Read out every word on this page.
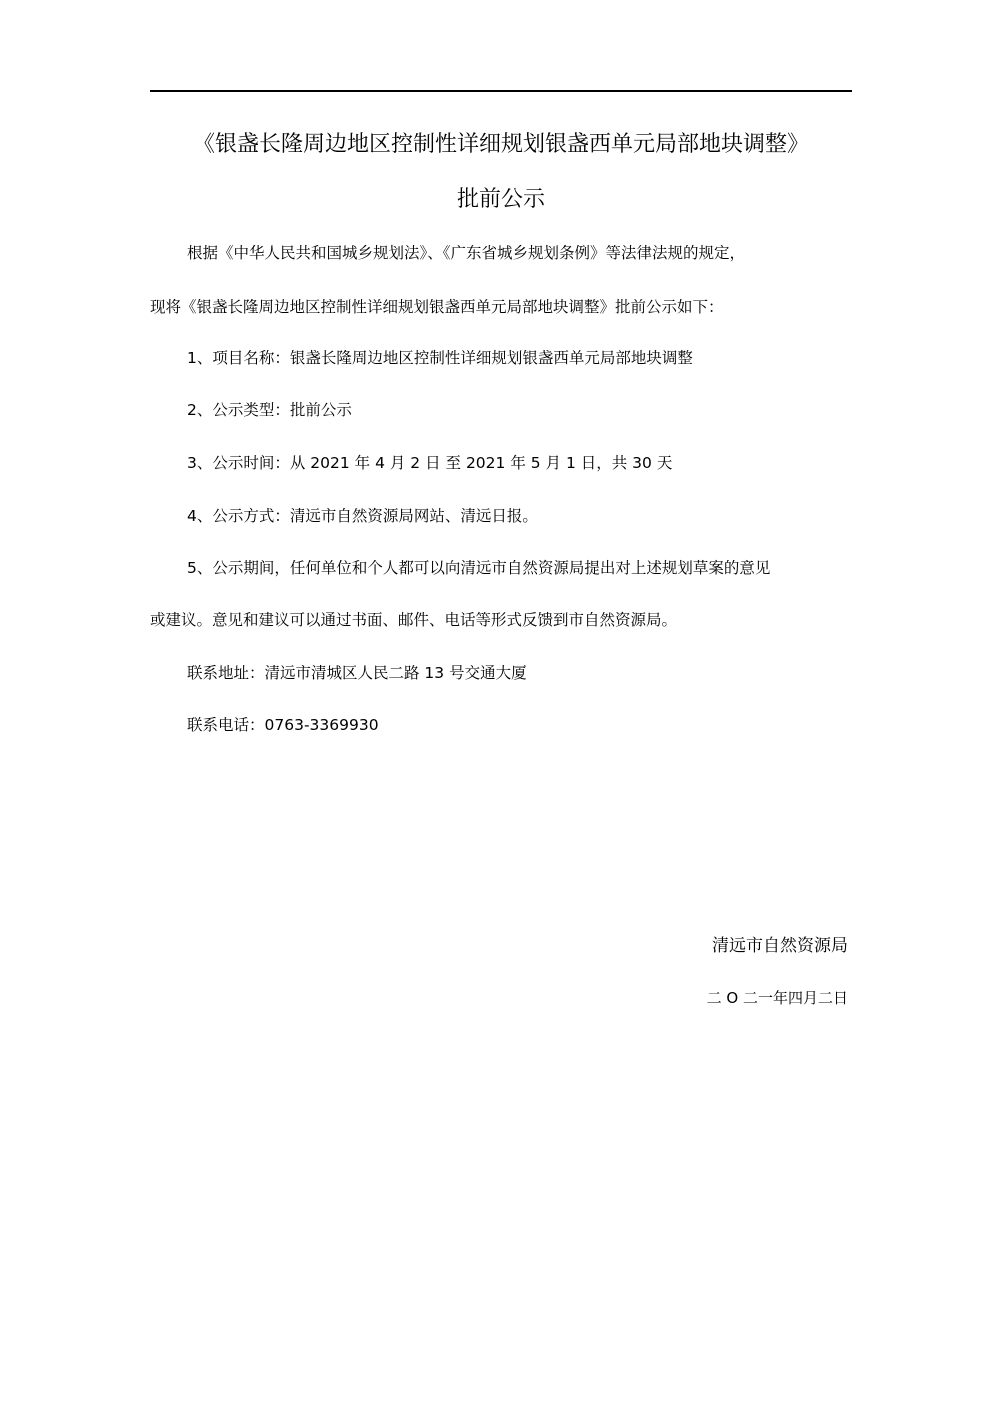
《银盏长隆周边地区控制性详细规划银盏西单元局部地块调整》
批前公示
根据《中华人民共和国城乡规划法》、《广东省城乡规划条例》等法律法规的规定，
现将《银盏长隆周边地区控制性详细规划银盏西单元局部地块调整》批前公示如下：
1、项目名称：银盏长隆周边地区控制性详细规划银盏西单元局部地块调整
2、公示类型：批前公示
3、公示时间：从 2021 年 4 月 2 日 至 2021 年 5 月 1 日，共 30 天
4、公示方式：清远市自然资源局网站、清远日报。
5、公示期间，任何单位和个人都可以向清远市自然资源局提出对上述规划草案的意见
或建议。意见和建议可以通过书面、邮件、电话等形式反馈到市自然资源局。
联系地址：清远市清城区人民二路 13 号交通大厦
联系电话：0763-3369930
清远市自然资源局
二 O 二一年四月二日
